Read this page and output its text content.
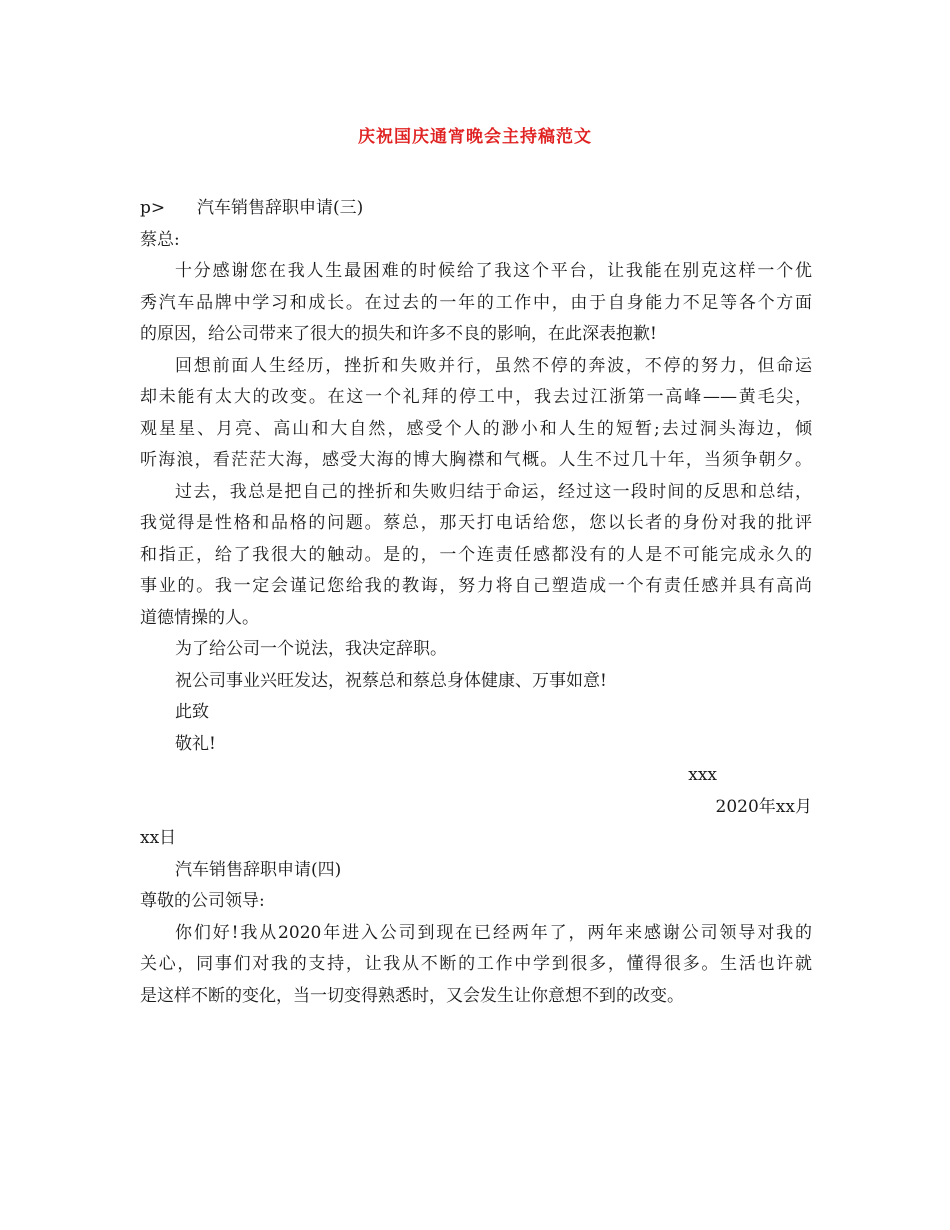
庆祝国庆通宵晚会主持稿范文
p> 汽车销售辞职申请(三)
蔡总:
十分感谢您在我人生最困难的时候给了我这个平台，让我能在别克这样一个优
秀汽车品牌中学习和成长。在过去的一年的工作中，由于自身能力不足等各个方面
的原因，给公司带来了很大的损失和许多不良的影响，在此深表抱歉!
回想前面人生经历，挫折和失败并行，虽然不停的奔波，不停的努力，但命运
却未能有太大的改变。在这一个礼拜的停工中，我去过江浙第一高峰——黄毛尖，
观星星、月亮、高山和大自然，感受个人的渺小和人生的短暂;去过洞头海边，倾
听海浪，看茫茫大海，感受大海的博大胸襟和气概。人生不过几十年，当须争朝夕。
过去，我总是把自己的挫折和失败归结于命运，经过这一段时间的反思和总结，
我觉得是性格和品格的问题。蔡总，那天打电话给您，您以长者的身份对我的批评
和指正，给了我很大的触动。是的，一个连责任感都没有的人是不可能完成永久的
事业的。我一定会谨记您给我的教诲，努力将自己塑造成一个有责任感并具有高尚
道德情操的人。
为了给公司一个说法，我决定辞职。
祝公司事业兴旺发达，祝蔡总和蔡总身体健康、万事如意!
此致
敬礼!
xxx
2020年xx月
xx日
汽车销售辞职申请(四)
尊敬的公司领导:
你们好!我从2020年进入公司到现在已经两年了，两年来感谢公司领导对我的
关心，同事们对我的支持，让我从不断的工作中学到很多，懂得很多。生活也许就
是这样不断的变化，当一切变得熟悉时，又会发生让你意想不到的改变。
